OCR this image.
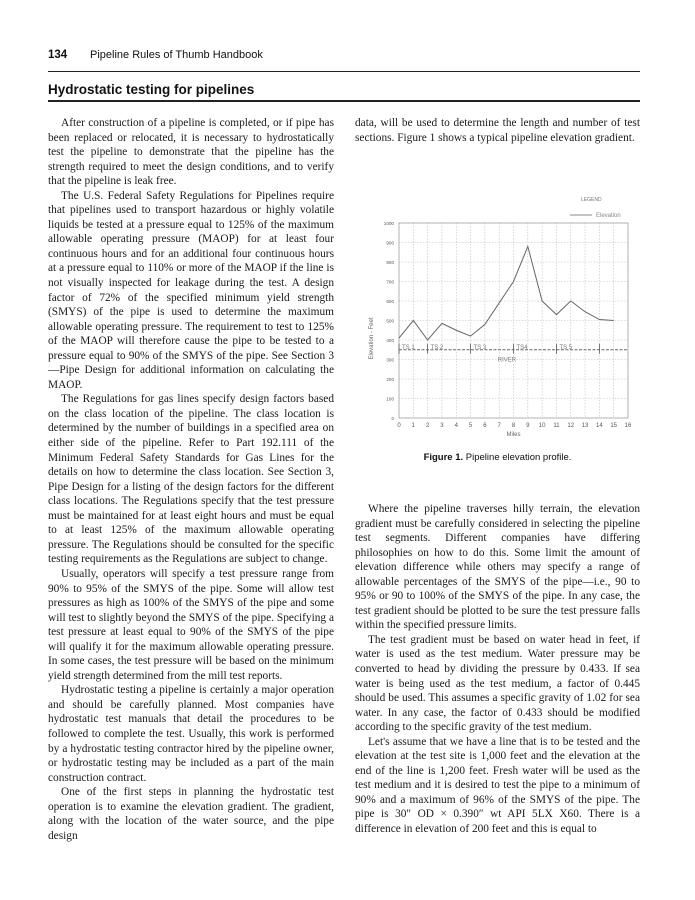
134	Pipeline Rules of Thumb Handbook
Hydrostatic testing for pipelines

After construction of a pipeline is completed, or if pipe has been replaced or relocated, it is necessary to hydrostatically test the pipeline to demonstrate that the pipeline has the strength required to meet the design conditions, and to verify that the pipeline is leak free.

The U.S. Federal Safety Regulations for Pipelines require that pipelines used to transport hazardous or highly volatile liquids be tested at a pressure equal to 125% of the maximum allowable operating pressure (MAOP) for at least four continuous hours and for an additional four continuous hours at a pressure equal to 110% or more of the MAOP if the line is not visually inspected for leakage during the test. A design factor of 72% of the specified minimum yield strength (SMYS) of the pipe is used to determine the maximum allowable operating pressure. The requirement to test to 125% of the MAOP will therefore cause the pipe to be tested to a pressure equal to 90% of the SMYS of the pipe. See Section 3—Pipe Design for additional information on calculating the MAOP.

The Regulations for gas lines specify design factors based on the class location of the pipeline. The class location is determined by the number of buildings in a specified area on either side of the pipeline. Refer to Part 192.111 of the Minimum Federal Safety Standards for Gas Lines for the details on how to determine the class location. See Section 3, Pipe Design for a listing of the design factors for the different class locations. The Regulations specify that the test pressure must be maintained for at least eight hours and must be equal to at least 125% of the maximum allowable operating pressure. The Regulations should be consulted for the specific testing requirements as the Regulations are subject to change.

Usually, operators will specify a test pressure range from 90% to 95% of the SMYS of the pipe. Some will allow test pressures as high as 100% of the SMYS of the pipe and some will test to slightly beyond the SMYS of the pipe. Specifying a test pressure at least equal to 90% of the SMYS of the pipe will qualify it for the maximum allowable operating pressure. In some cases, the test pressure will be based on the minimum yield strength determined from the mill test reports.

Hydrostatic testing a pipeline is certainly a major operation and should be carefully planned. Most companies have hydrostatic test manuals that detail the procedures to be followed to complete the test. Usually, this work is performed by a hydrostatic testing contractor hired by the pipeline owner, or hydrostatic testing may be included as a part of the main construction contract.

One of the first steps in planning the hydrostatic test operation is to examine the elevation gradient. The gradient, along with the location of the water source, and the pipe design

data, will be used to determine the length and number of test sections. Figure 1 shows a typical pipeline elevation gradient.

0
100
200
300
400
500
600
700
800
900
1000
0 1 2 3 4 5 6 7 8 9 10 11 12 13 14 15 16
Miles
Elevation - Feet
LEGEND
Elevation
TS 1	TS 2	TS 3	TS4	TS 5
RIVER
Figure 1. Pipeline elevation profile.

Where the pipeline traverses hilly terrain, the elevation gradient must be carefully considered in selecting the pipeline test segments. Different companies have differing philosophies on how to do this. Some limit the amount of elevation difference while others may specify a range of allowable percentages of the SMYS of the pipe—i.e., 90 to 95% or 90 to 100% of the SMYS of the pipe. In any case, the test gradient should be plotted to be sure the test pressure falls within the specified pressure limits.

The test gradient must be based on water head in feet, if water is used as the test medium. Water pressure may be converted to head by dividing the pressure by 0.433. If sea water is being used as the test medium, a factor of 0.445 should be used. This assumes a specific gravity of 1.02 for sea water. In any case, the factor of 0.433 should be modified according to the specific gravity of the test medium.

Let's assume that we have a line that is to be tested and the elevation at the test site is 1,000 feet and the elevation at the end of the line is 1,200 feet. Fresh water will be used as the test medium and it is desired to test the pipe to a minimum of 90% and a maximum of 96% of the SMYS of the pipe. The pipe is 30″ OD × 0.390″ wt API 5LX X60. There is a difference in elevation of 200 feet and this is equal to
